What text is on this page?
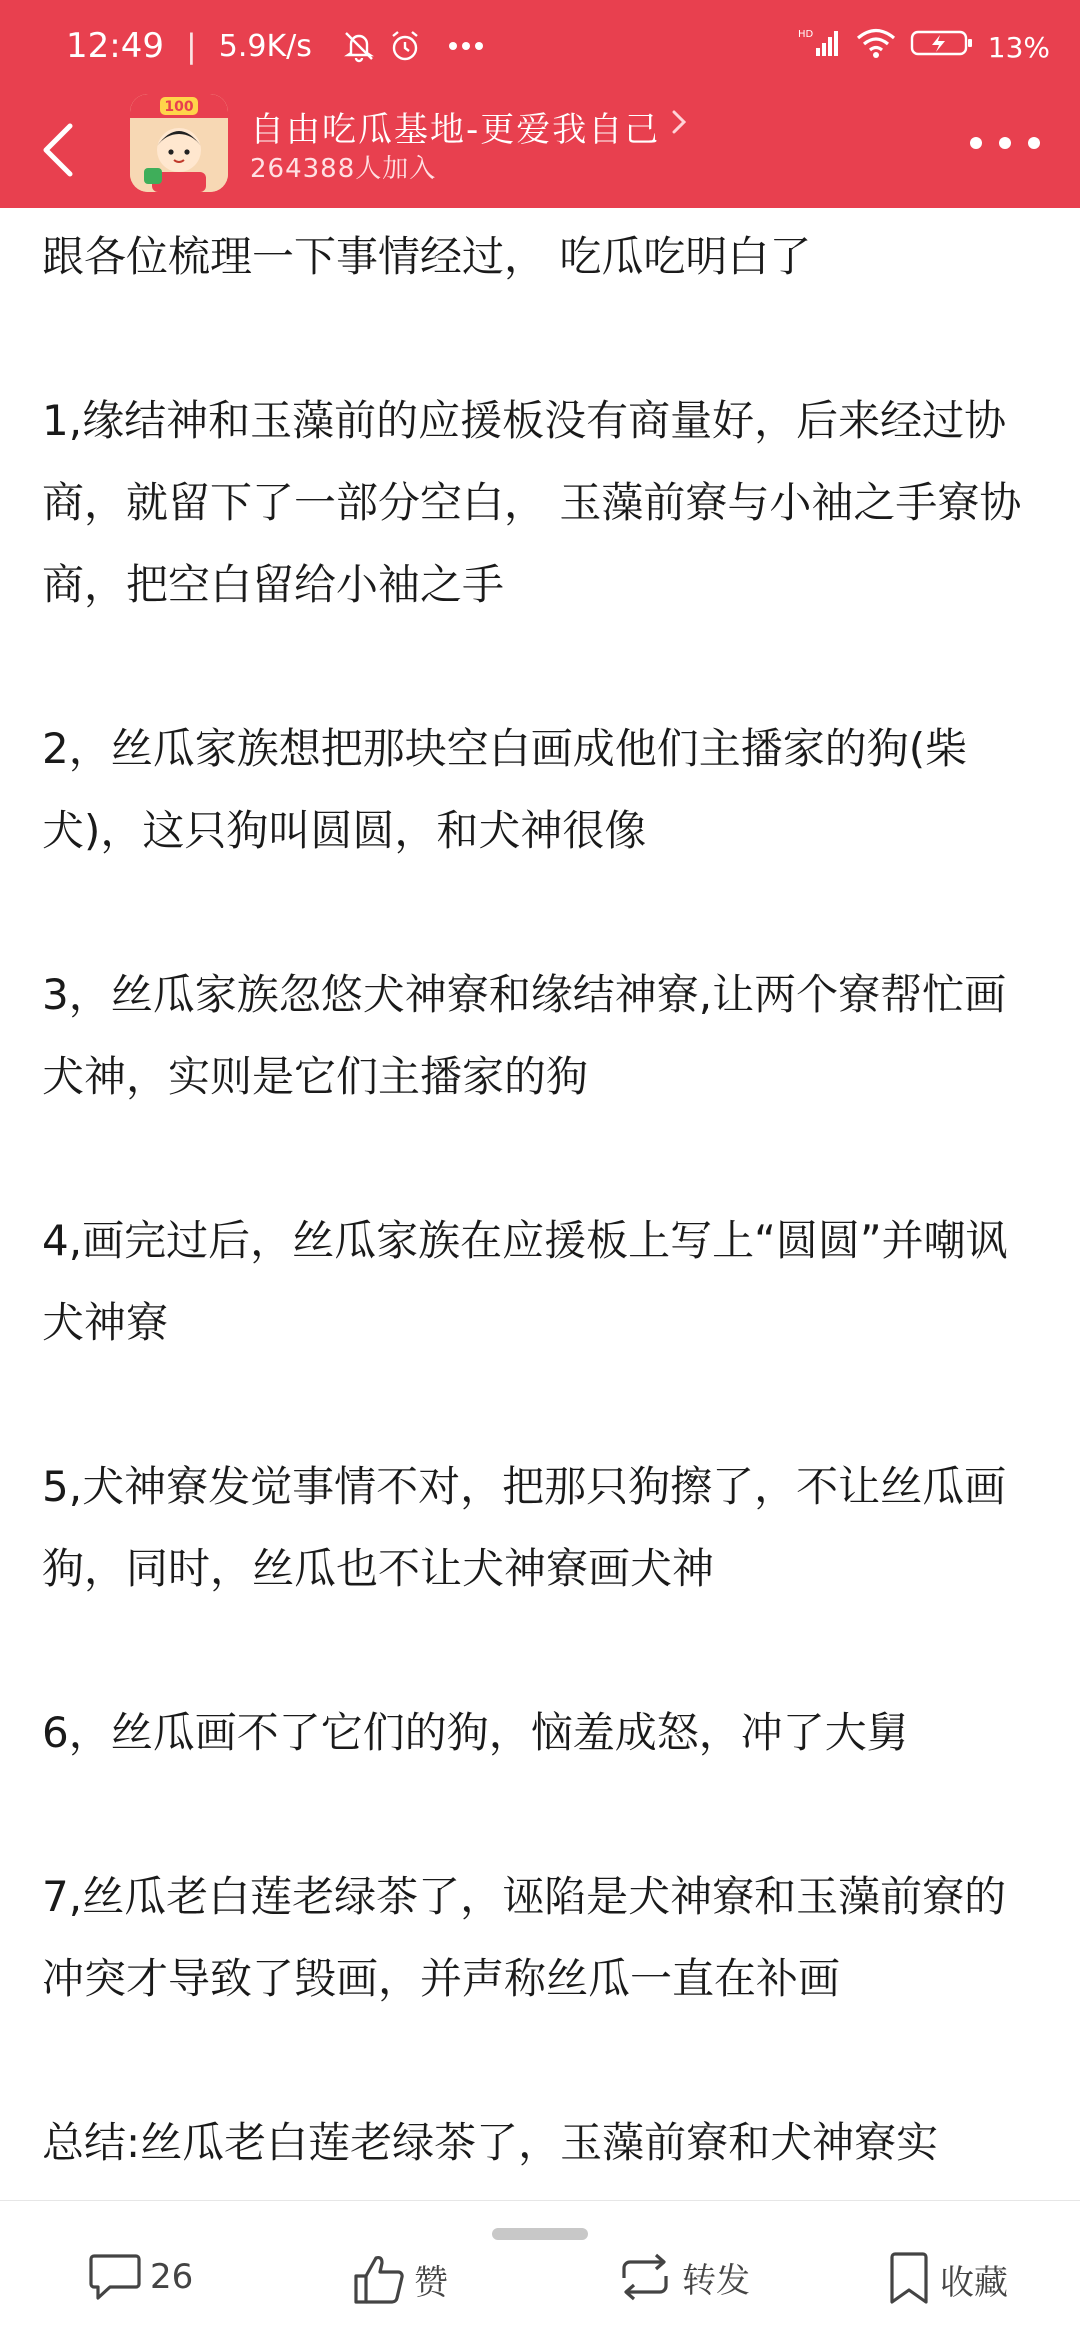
12:49 | 5.9K/s	HD	13%
100
自由吃瓜基地-更爱我自己
264388人加入

跟各位梳理一下事情经过， 吃瓜吃明白了

1,缘结神和玉藻前的应援板没有商量好，后来经过协商，就留下了一部分空白， 玉藻前寮与小袖之手寮协商，把空白留给小袖之手

2，丝瓜家族想把那块空白画成他们主播家的狗(柴犬)，这只狗叫圆圆，和犬神很像

3，丝瓜家族忽悠犬神寮和缘结神寮,让两个寮帮忙画犬神，实则是它们主播家的狗

4,画完过后，丝瓜家族在应援板上写上“圆圆”并嘲讽犬神寮

5,犬神寮发觉事情不对，把那只狗擦了，不让丝瓜画狗，同时，丝瓜也不让犬神寮画犬神

6，丝瓜画不了它们的狗，恼羞成怒，冲了大舅

7,丝瓜老白莲老绿茶了，诬陷是犬神寮和玉藻前寮的冲突才导致了毁画，并声称丝瓜一直在补画

总结:丝瓜老白莲老绿茶了，玉藻前寮和犬神寮实

26	赞	转发	收藏
